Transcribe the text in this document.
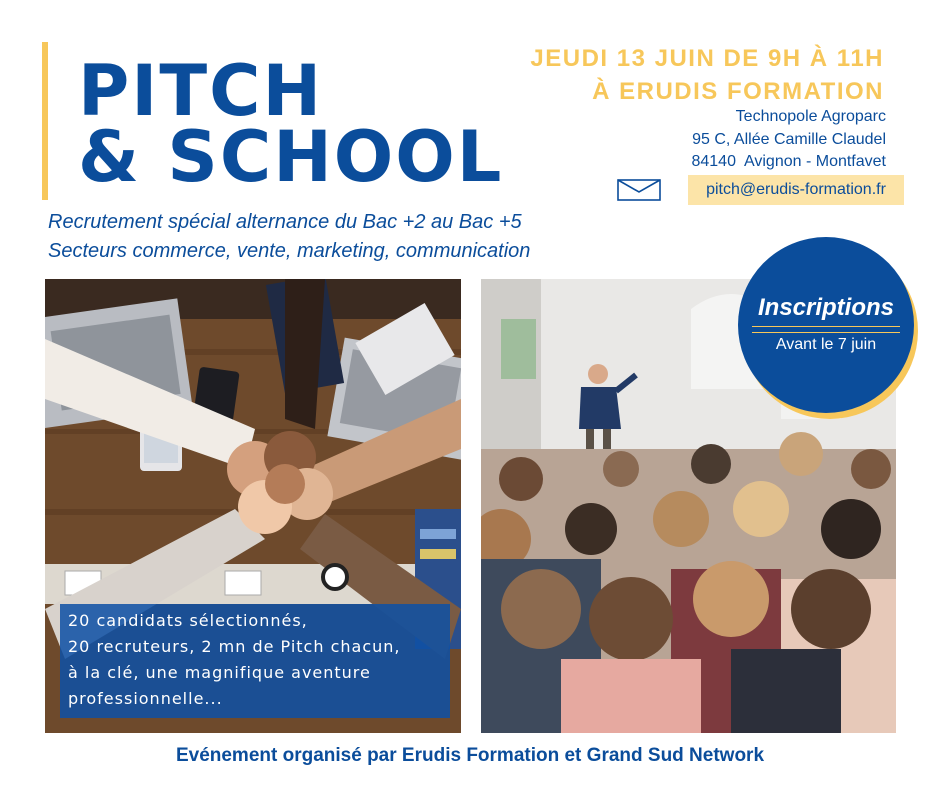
PITCH
& SCHOOL
JEUDI 13 JUIN DE 9H À 11H
À ERUDIS FORMATION
Technopole Agroparc
95 C, Allée Camille Claudel
84140  Avignon - Montfavet
pitch@erudis-formation.fr
Recrutement spécial alternance du Bac +2 au Bac +5
Secteurs commerce, vente, marketing, communication
20 candidats sélectionnés,
20 recruteurs, 2 mn de Pitch chacun,
à la clé, une magnifique aventure
professionnelle...
Inscriptions
Avant le 7 juin
Evénement organisé par Erudis Formation et Grand Sud Network
